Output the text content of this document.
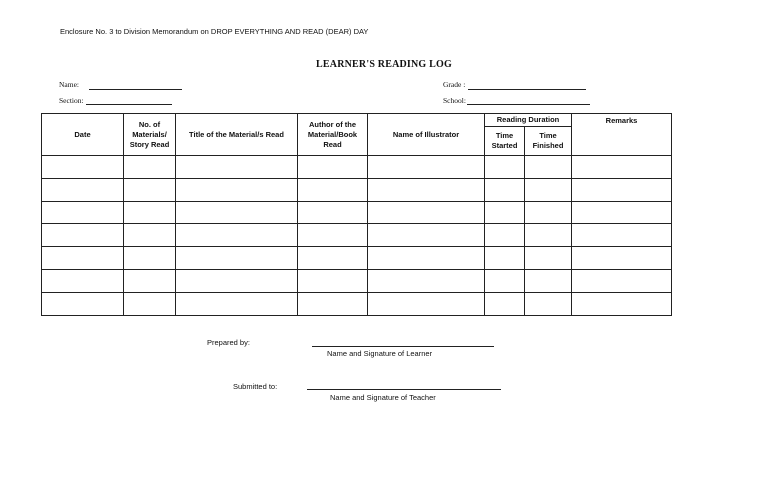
Enclosure No. 3 to Division Memorandum on DROP EVERYTHING AND READ (DEAR) DAY
LEARNER'S READING LOG
Name:	Grade :
Section:	School:
Date	No. of Materials/ Story Read	Title of the Material/s Read	Author of the Material/Book Read	Name of Illustrator	Reading Duration		Remarks
					Time Started	Time Finished	

Prepared by:
Name and Signature of Learner
Submitted to:
Name and Signature of Teacher
